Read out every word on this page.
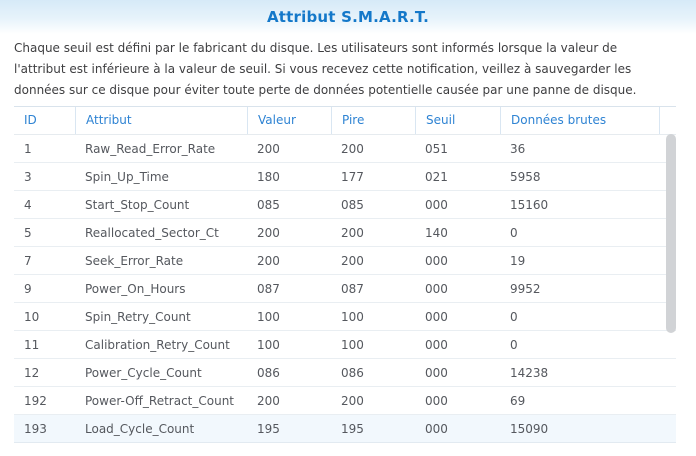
Attribut S.M.A.R.T.
Chaque seuil est défini par le fabricant du disque. Les utilisateurs sont informés lorsque la valeur de
l'attribut est inférieure à la valeur de seuil. Si vous recevez cette notification, veillez à sauvegarder les
données sur ce disque pour éviter toute perte de données potentielle causée par une panne de disque.
ID	Attribut	Valeur	Pire	Seuil	Données brutes
1	Raw_Read_Error_Rate	200	200	051	36
3	Spin_Up_Time	180	177	021	5958
4	Start_Stop_Count	085	085	000	15160
5	Reallocated_Sector_Ct	200	200	140	0
7	Seek_Error_Rate	200	200	000	19
9	Power_On_Hours	087	087	000	9952
10	Spin_Retry_Count	100	100	000	0
11	Calibration_Retry_Count	100	100	000	0
12	Power_Cycle_Count	086	086	000	14238
192	Power-Off_Retract_Count	200	200	000	69
193	Load_Cycle_Count	195	195	000	15090
